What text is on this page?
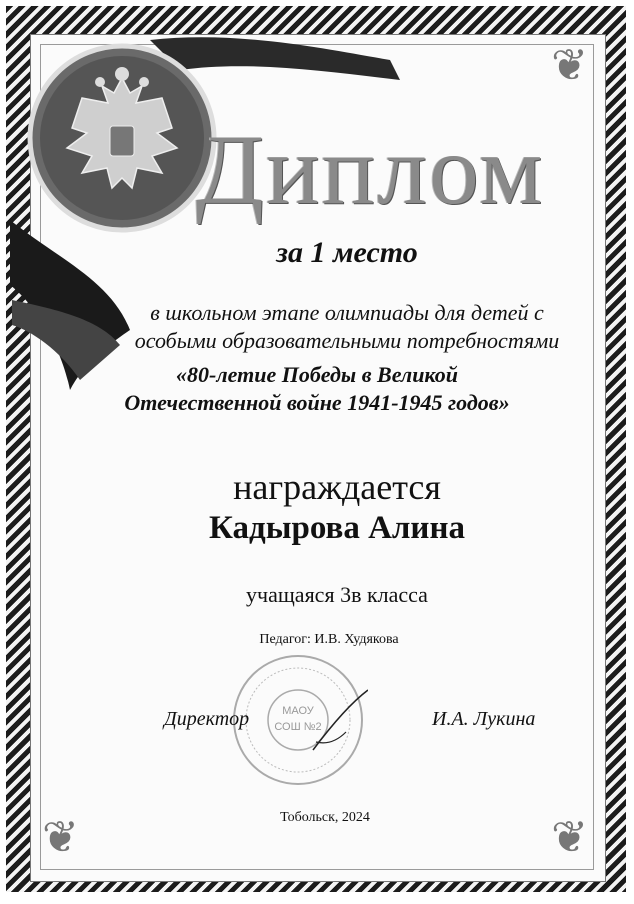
❦
❦	❦
Диплом
за 1 место
в школьном этапе олимпиады для детей с
особыми образовательными потребностями
«80-летие Победы в Великой
Отечественной войне 1941-1945 годов»
награждается
Кадырова Алина
учащаяся 3в класса
Педагог: И.В. Худякова
МАОУ
СОШ №2
Директор	И.А. Лукина
Тобольск, 2024
